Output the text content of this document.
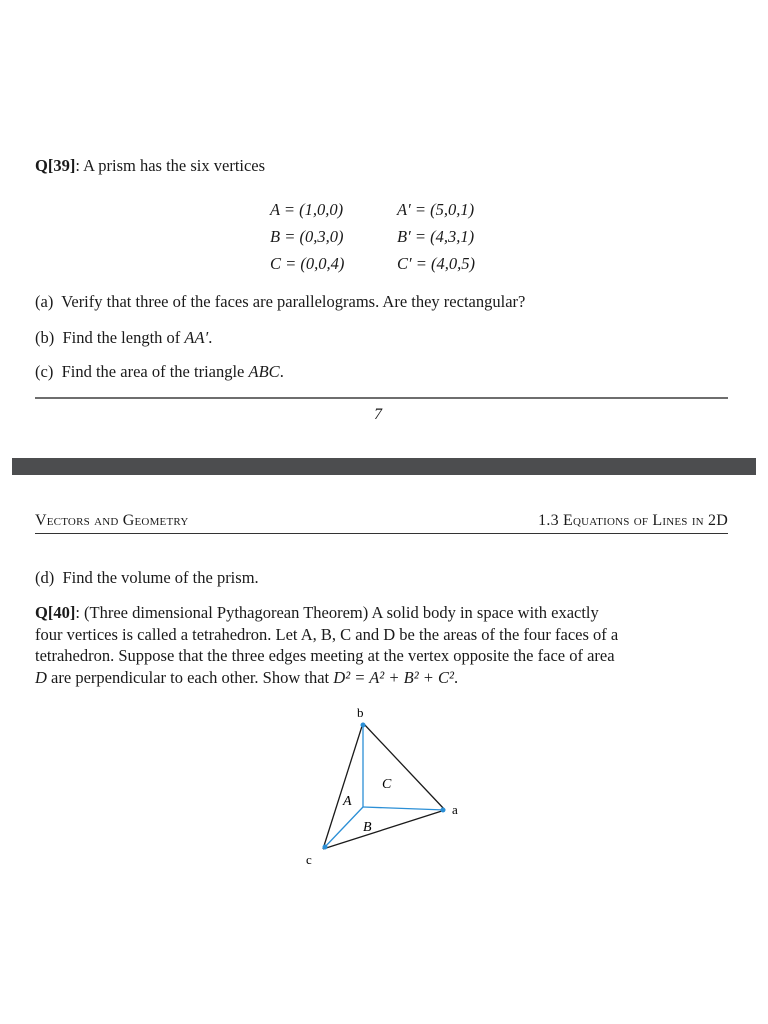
Q[39]: A prism has the six vertices
A = (1,0,0)
B = (0,3,0)
C = (0,0,4)
A′ = (5,0,1)
B′ = (4,3,1)
C′ = (4,0,5)
(a) Verify that three of the faces are parallelograms. Are they rectangular?
(b) Find the length of AA′.
(c) Find the area of the triangle ABC.
7
Vectors and Geometry	1.3 Equations of Lines in 2D
(d) Find the volume of the prism.
Q[40]: (Three dimensional Pythagorean Theorem) A solid body in space with exactly
four vertices is called a tetrahedron. Let A, B, C and D be the areas of the four faces of a
tetrahedron. Suppose that the three edges meeting at the vertex opposite the face of area
D are perpendicular to each other. Show that D² = A² + B² + C².
b
a
c
A
B
C
